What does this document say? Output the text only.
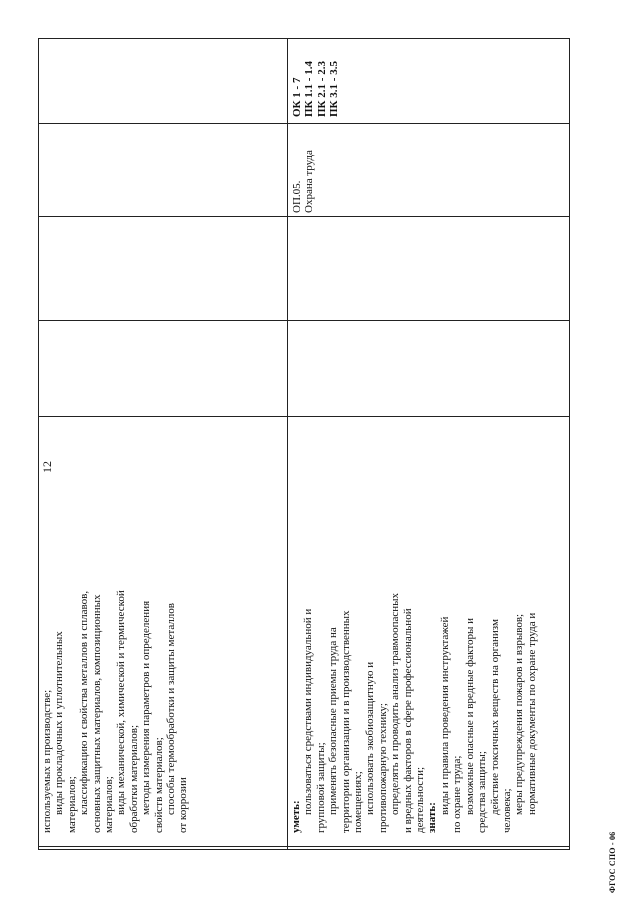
12

используемых в производстве; виды прокладочных и уплотнительных материалов; классификацию и свойства металлов и сплавов, основных защитных материалов, композиционных материалов; виды механической, химической и термической обработки материалов; методы измерения параметров и определения свойств материалов; способы термообработки и защиты металлов от коррозии	уметь:

пользоваться средствами индивидуальной и групповой защиты; применять безопасные приемы труда на территории организации и в производственных помещениях; использовать экобиозащитную и противопожарную технику; определять и проводить анализ травмоопасных и вредных факторов в сфере профессиональной деятельности; знать:

виды и правила проведения инструктажей по охране труда; возможные опасные и вредные факторы и средства защиты; действие токсичных веществ на организм человека; меры предупреждения пожаров и взрывов; нормативные документы по охране труда и

ОП.05. Охрана труда

ОК 1 - 7 ПК 1.1 - 1.4 ПК 2.1 - 2.3 ПК 3.1 - 3.5

ФГОС СПО - 06
